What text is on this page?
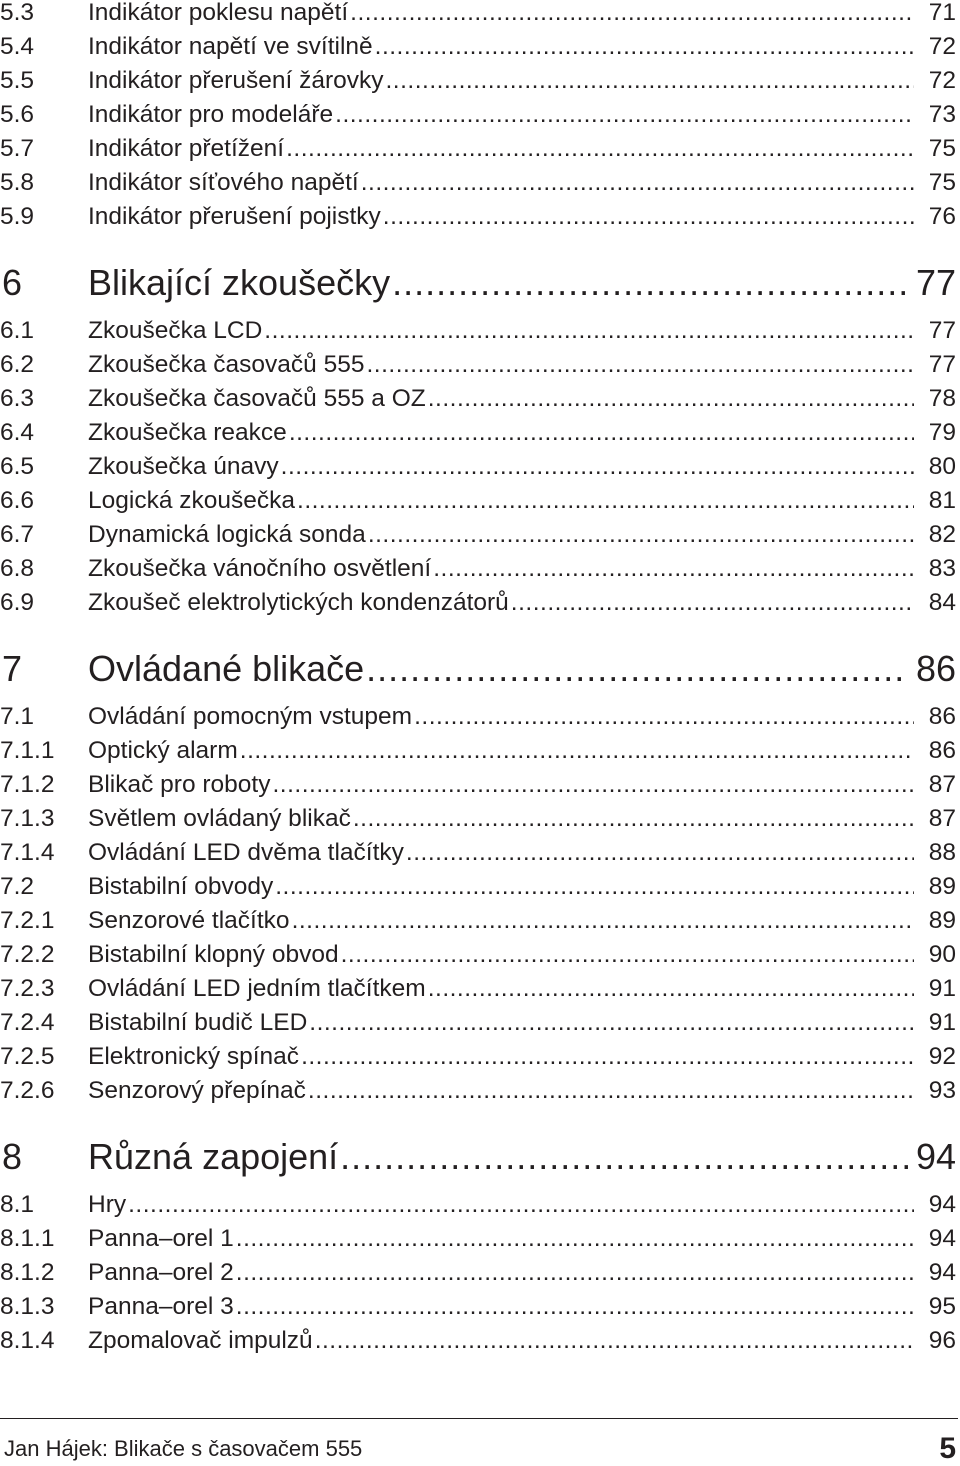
5.3 Indikátor poklesu napětí .....	71
5.4 Indikátor napětí ve svítilně .....	72
5.5 Indikátor přerušení žárovky .....	72
5.6 Indikátor pro modeláře .....	73
5.7 Indikátor přetížení .....	75
5.8 Indikátor síťového napětí .....	75
5.9 Indikátor přerušení pojistky .....	76
6 Blikající zkoušečky .....	77
6.1 Zkoušečka LCD .....	77
6.2 Zkoušečka časovačů 555 .....	77
6.3 Zkoušečka časovačů 555 a OZ .....	78
6.4 Zkoušečka reakce .....	79
6.5 Zkoušečka únavy .....	80
6.6 Logická zkoušečka .....	81
6.7 Dynamická logická sonda .....	82
6.8 Zkoušečka vánočního osvětlení .....	83
6.9 Zkoušeč elektrolytických kondenzátorů .....	84
7 Ovládané blikače .....	86
7.1 Ovládání pomocným vstupem .....	86
7.1.1 Optický alarm .....	86
7.1.2 Blikač pro roboty .....	87
7.1.3 Světlem ovládaný blikač .....	87
7.1.4 Ovládání LED dvěma tlačítky .....	88
7.2 Bistabilní obvody .....	89
7.2.1 Senzorové tlačítko .....	89
7.2.2 Bistabilní klopný obvod .....	90
7.2.3 Ovládání LED jedním tlačítkem .....	91
7.2.4 Bistabilní budič LED .....	91
7.2.5 Elektronický spínač .....	92
7.2.6 Senzorový přepínač .....	93
8 Různá zapojení .....	94
8.1 Hry .....	94
8.1.1 Panna–orel 1 .....	94
8.1.2 Panna–orel 2 .....	94
8.1.3 Panna–orel 3 .....	95
8.1.4 Zpomalovač impulzů .....	96
Jan Hájek: Blikače s časovačem 555	5
